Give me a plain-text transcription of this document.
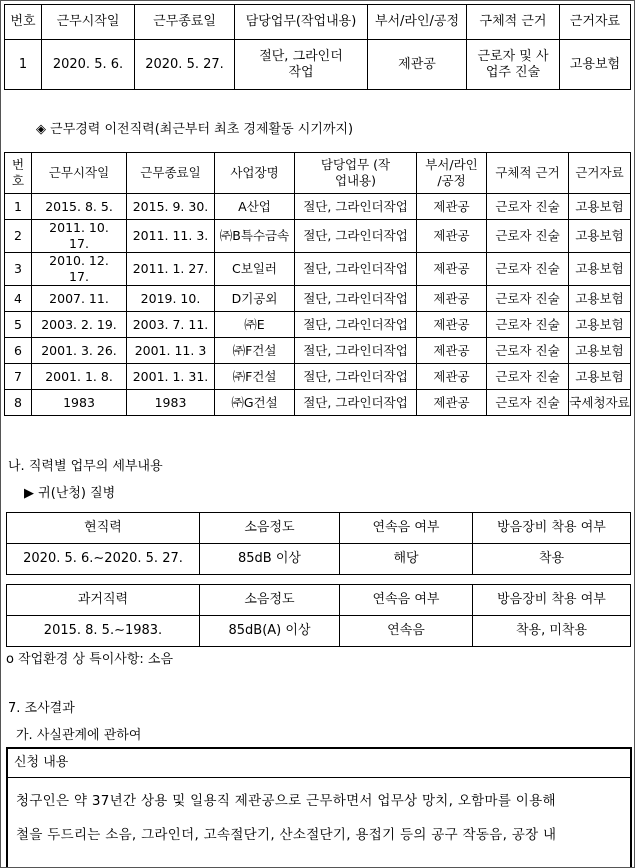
번호	근무시작일	근무종료일	담당업무(작업내용)	부서/라인/공정	구체적 근거	근거자료
1	2020. 5. 6.	2020. 5. 27.	절단, 그라인더 작업	제관공	근로자 및 사업주 진술	고용보험
◈ 근무경력 이전직력(최근부터 최초 경제활동 시기까지)
번호	근무시작일	근무종료일	사업장명	담당업무 (작업내용)	부서/라인 /공정	구체적 근거	근거자료
1	2015. 8. 5.	2015. 9. 30.	A산업	절단, 그라인더작업	제관공	근로자 진술	고용보험
2	2011. 10. 17.	2011. 11. 3.	㈜B특수금속	절단, 그라인더작업	제관공	근로자 진술	고용보험
3	2010. 12. 17.	2011. 1. 27.	C보일러	절단, 그라인더작업	제관공	근로자 진술	고용보험
4	2007. 11.	2019. 10.	D기공외	절단, 그라인더작업	제관공	근로자 진술	고용보험
5	2003. 2. 19.	2003. 7. 11.	㈜E	절단, 그라인더작업	제관공	근로자 진술	고용보험
6	2001. 3. 26.	2001. 11. 3	㈜F건설	절단, 그라인더작업	제관공	근로자 진술	고용보험
7	2001. 1. 8.	2001. 1. 31.	㈜F건설	절단, 그라인더작업	제관공	근로자 진술	고용보험
8	1983	1983	㈜G건설	절단, 그라인더작업	제관공	근로자 진술	국세청자료
나. 직력별 업무의 세부내용
▶ 귀(난청) 질병
현직력	소음정도	연속음 여부	방음장비 착용 여부
2020. 5. 6.∼2020. 5. 27.	85dB 이상	해당	착용
과거직력	소음정도	연속음 여부	방음장비 착용 여부
2015. 8. 5.∼1983.	85dB(A) 이상	연속음	착용, 미착용
o 작업환경 상 특이사항: 소음
7. 조사결과
가. 사실관계에 관하여
신청 내용
청구인은 약 37년간 상용 및 일용직 제관공으로 근무하면서 업무상 망치, 오함마를 이용해
철을 두드리는 소음, 그라인더, 고속절단기, 산소절단기, 용접기 등의 공구 작동음, 공장 내
